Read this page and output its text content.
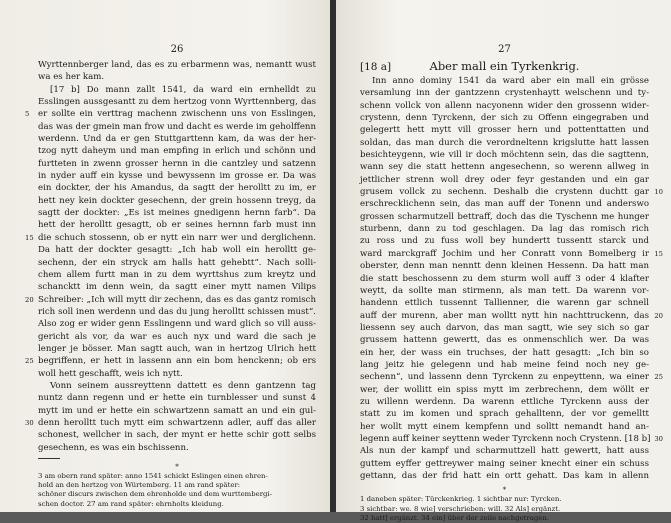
26
Wyrttennberger land, das es zu erbarmenn was, nemantt wust
wa es her kam.
[17 b] Do mann zallt 1541, da ward ein ernhelldt zu
Esslingen aussgesantt zu dem hertzog vonn Wyrttennberg, das
er sollte ein verttrag machenn zwischenn uns von Esslingen,
5
das was der gmein man frow und dacht es werde im geholffenn
werdenn. Und da er gen Stuttgarttenn kam, da was der her-
tzog nytt daheym und man empfing in erlich und schönn und
furtteten in zwenn grosser hernn in die cantzley und satzenn
in nyder auff ein kysse und bewyssenn im grosse er. Da was
ein dockter, der his Amandus, da sagtt der herolltt zu im, er
hett ney kein dockter gesechenn, der grein hossenn treyg, da
sagtt der dockter: „Es ist meines gnedigenn hernn farb“. Da
hett der herolltt gesagtt, ob er seines hernnn farb must inn
die schuch stossenn, ob er nytt ein narr wer und derglichenn.
15
Da hatt der dockter gesagtt: „Ich hab woll ein herolltt ge-
sechenn, der ein stryck am halls hatt gehebtt“. Nach solli-
chem allem furtt man in zu dem wyrttshus zum kreytz und
schancktt im denn wein, da sagtt einer mytt namen Vilips
Schreiber: „Ich will mytt dir zechenn, das es das gantz romisch
20
rich soll inen werdenn und das du jung herolltt schissen must“.
Also zog er wider genn Esslingenn und ward glich so vill auss-
gericht als vor, da war es auch nyx und ward die sach je
lenger je bösser. Man sagtt auch, wan in hertzog Ulrich hett
begriffenn, er hett in lassenn ann ein bom henckenn; ob ers
25
woll hett geschafft, weis ich nytt.
Vonn seinem aussreyttenn dattett es denn gantzenn tag
nuntz dann regenn und er hette ein turnblesser und sunst 4
mytt im und er hette ein schwartzenn samatt an und ein gul-
denn herolltt tuch mytt eim schwartzenn adler, auff das aller
30
schonest, wellcher in sach, der mynt er hette schir gott selbs
gesechenn, es was ein bschissenn.
*
3 am obern rand später: anno 1541 schickt Eslingen einen ehren-
hold an den hertzog von Würtemberg. 11 am rand später:
schöner discurs zwischen dem ehrenholde und dem wurttembergi-
schen doctor. 27 am rand später: ehrnholts kleidung.
27
[18 a]	Aber mall ein Tyrkenkrig.
Inn anno dominy 1541 da ward aber ein mall ein grösse
versamlung inn der gantzzenn crystenhaytt welschenn und ty-
schenn vollck von allenn nacyonenn wider den grossenn wider-
crystenn, denn Tyrckenn, der sich zu Offenn eingegraben und
gelegertt hett mytt vill grosser hern und pottenttatten und
soldan, das man durch die verordneltenn krigslutte hatt lassen
besichteygenn, wie vill ir doch möchtenn sein, das die sagttenn,
wann sey die statt hettenn angesechenn, so werenn allweg in
jettlicher strenn woll drey oder feyr gestanden und ein gar
grusem vollck zu sechenn. Deshalb die crystenn duchtt gar 10
erschrecklichenn sein, das man auff der Tonenn und anderswo
grossen scharmutzell bettraff, doch das die Tyschenn me hunger
sturbenn, dann zu tod geschlagen. Da lag das romisch rich
zu ross und zu fuss woll bey hundertt tussentt starck und
ward marckgraff Jochim und her Conratt vonn Bomelberg ir 15
oberster, denn man nenntt denn kleinen Hessenn. Da hatt man
die statt beschossenn zu dem sturm woll auff 3 oder 4 klafter
weytt, da sollte man stirmenn, als man tett. Da warenn vor-
handenn ettlich tussennt Tallienner, die warenn gar schnell
auff der murenn, aber man wolltt nytt hin nachttruckenn, das 20
liessenn sey auch darvon, das man sagtt, wie sey sich so gar
grussem hattenn gewertt, das es onmenschlich wer. Da was
ein her, der wass ein truchses, der hatt gesagtt: „Ich bin so
lang jeitz hie gelegenn und hab meine feind noch ney ge-
sechenn“, und lassenn denn Tyrckenn zu enpeyttenn, wa einer 25
wer, der wollitt ein spiss mytt im zerbrechenn, dem wöllt er
zu willenn werdenn. Da warenn ettliche Tyrckenn auss der
statt zu im komen und sprach gehalltenn, der vor gemelltt
her wollt mytt einem kempfenn und solltt nemandt hand an-
legenn auff keiner seyttenn weder Tyrckenn noch Crystenn. [18 b] 30
Als nun der kampf und scharmuttzell hatt gewertt, hatt auss
guttem eyffer gettreywer maing seiner knecht einer ein schuss
gettann, das der frid hatt ein ortt gehatt. Das kam in allenn
*
1 daneben später: Türckenkrieg. 1 sichtbar nur: Tyrcken.
3 sichtbar: we. 8 wie] verschrieben: will. 32 Als] ergänzt.
32 hatt] ergänzt. 34 ein] über der zeile nachgetragen.
